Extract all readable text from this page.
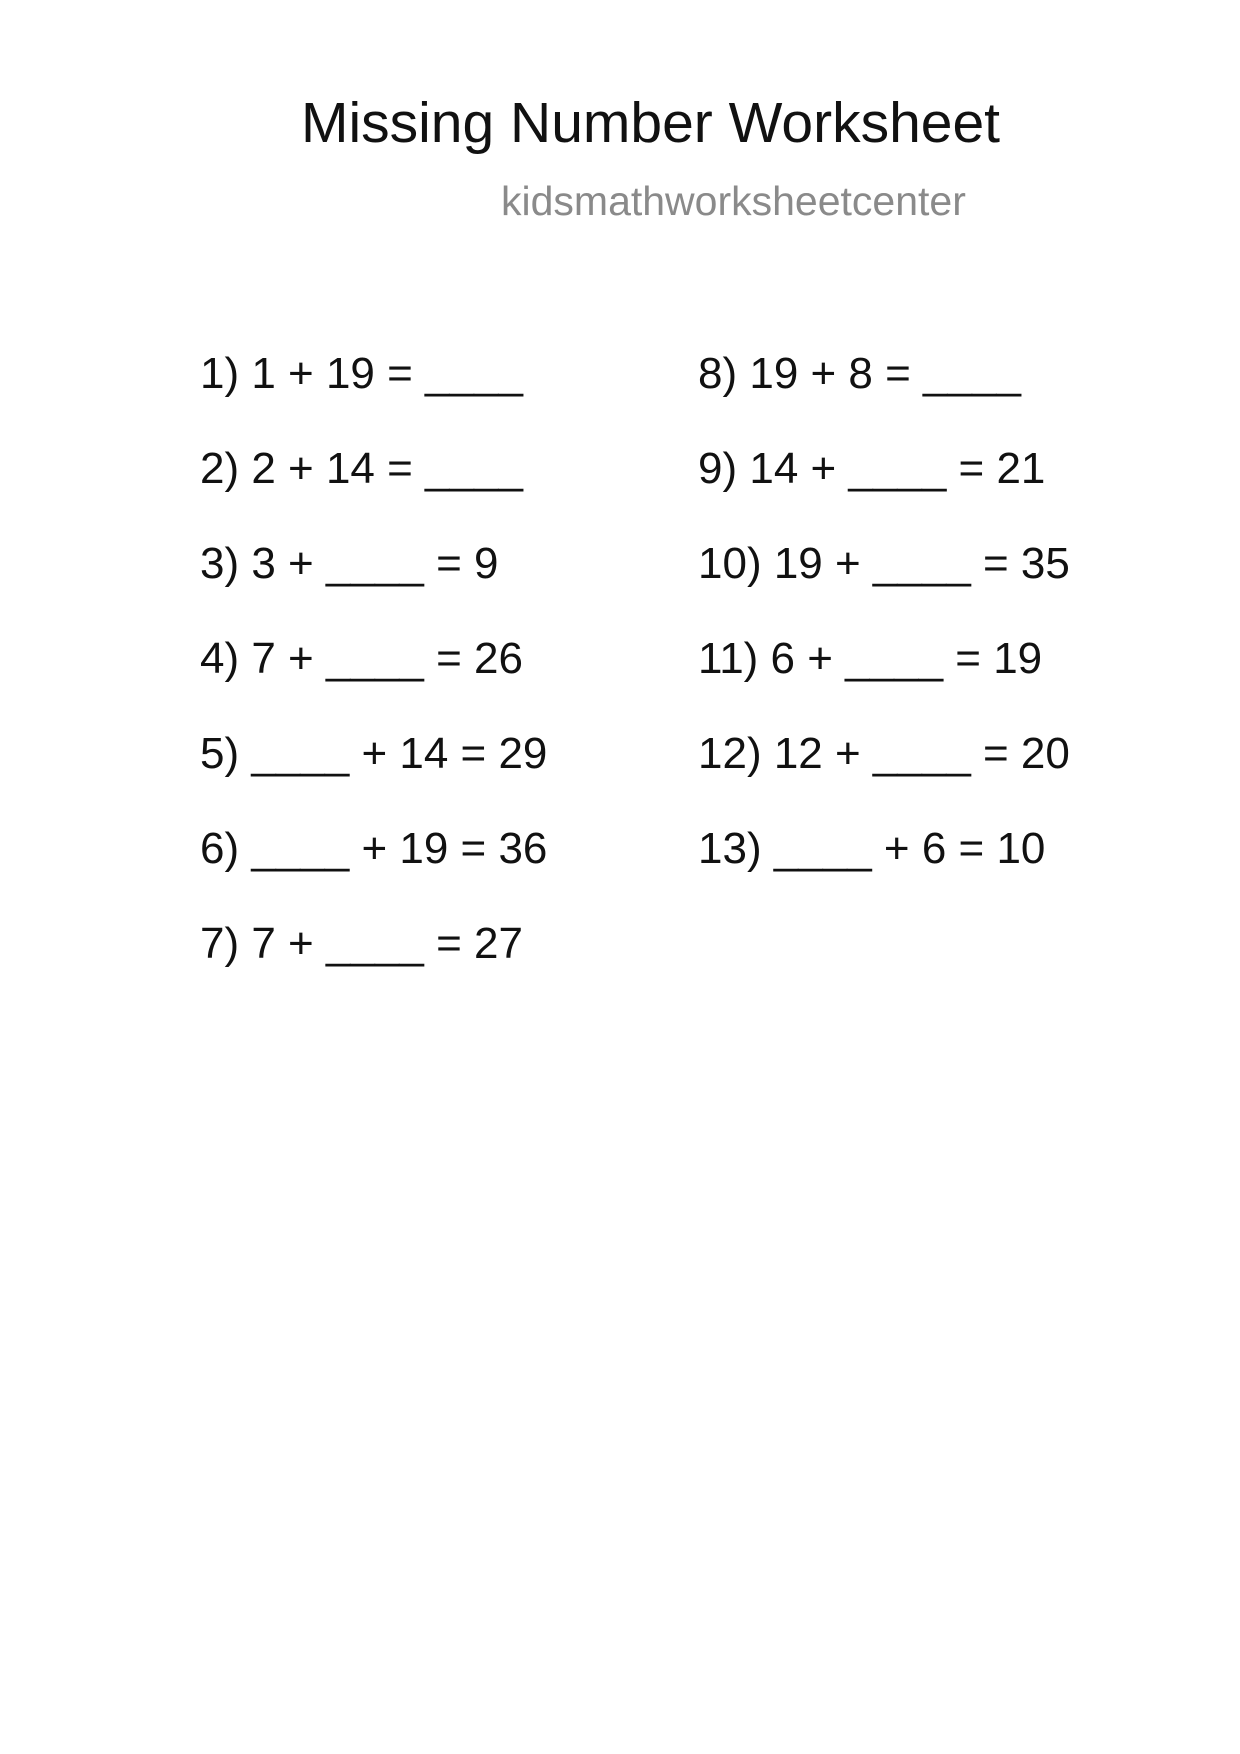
Missing Number Worksheet
kidsmathworksheetcenter
1) 1 + 19 = ____
2) 2 + 14 = ____
3) 3 + ____ = 9
4) 7 + ____ = 26
5) ____ + 14 = 29
6) ____ + 19 = 36
7) 7 + ____ = 27
8) 19 + 8 = ____
9) 14 + ____ = 21
10) 19 + ____ = 35
11) 6 + ____ = 19
12) 12 + ____ = 20
13) ____ + 6 = 10
